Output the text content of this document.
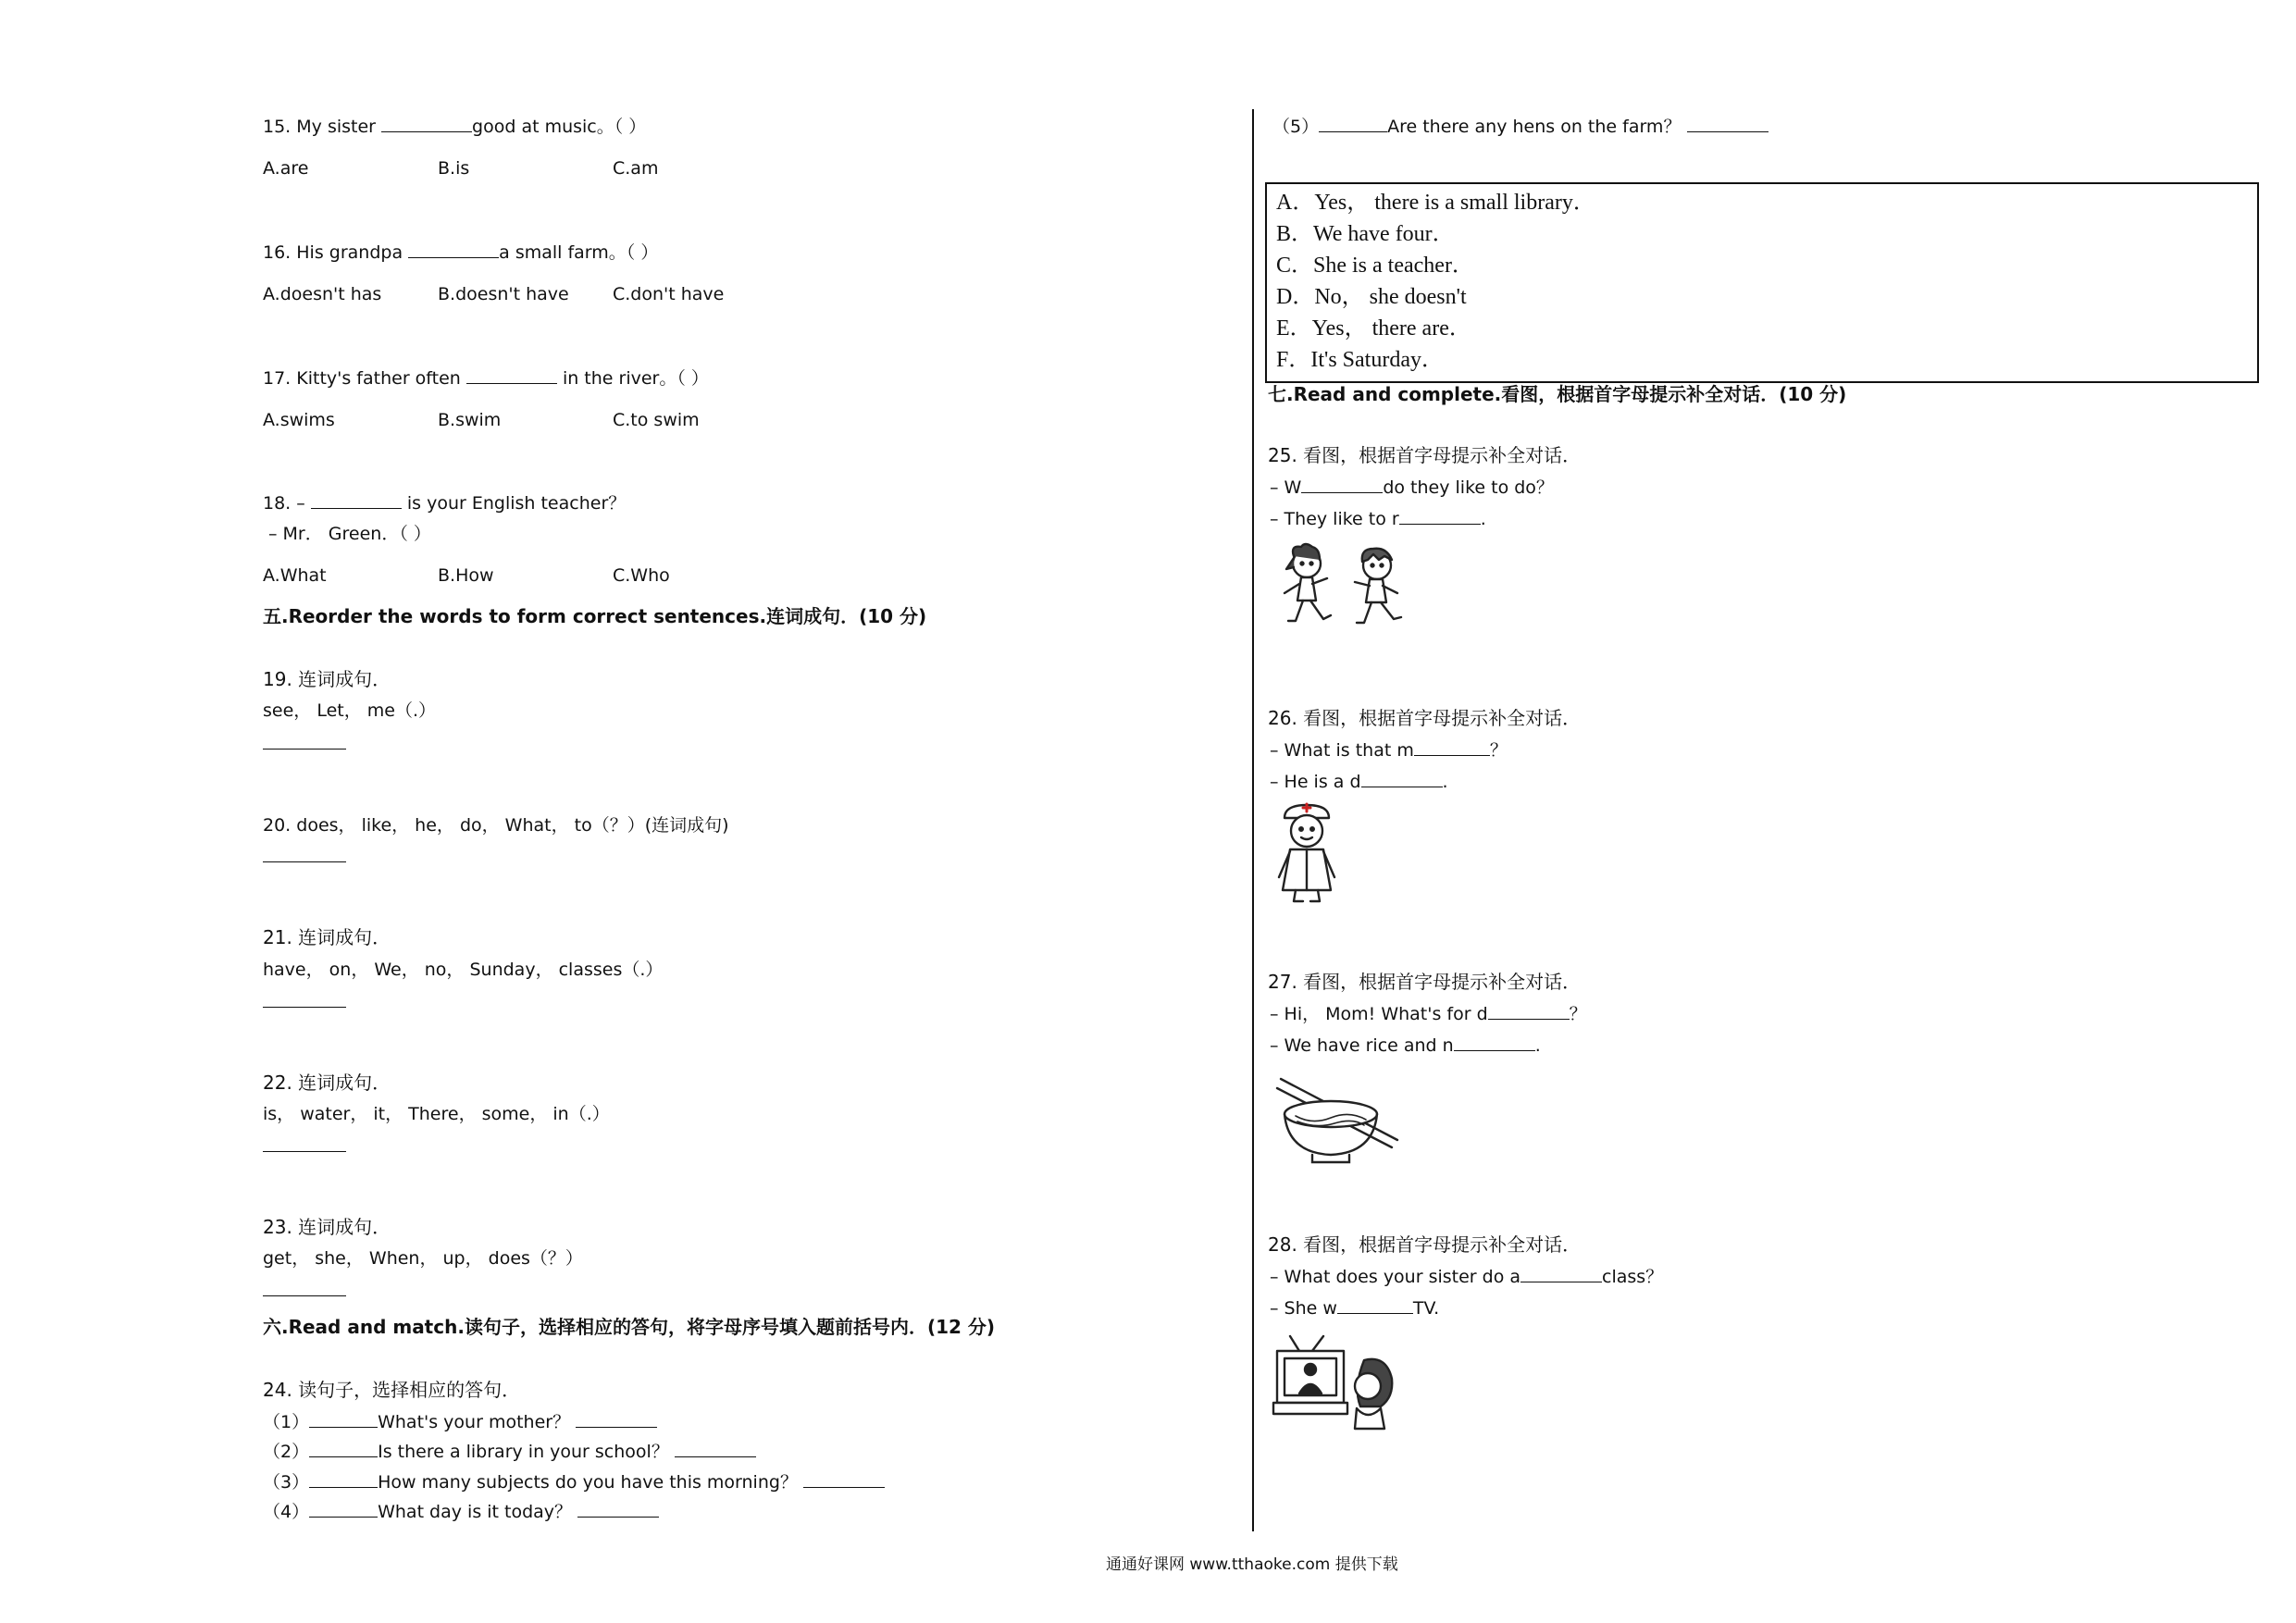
15. My sister	good at music。（ ）
A.are	B.is	C.am
16. His grandpa	a small farm。（ ）
A.doesn't has	B.doesn't have C.don't have
17. Kitty's father often	in the river。（ ）
A.swims	B.swim	C.to swim
18. –	is your English teacher？
– Mr． Green．（ ）
A.What	B.How	C.Who
五.Reorder the words to form correct sentences.连词成句．(10 分)
19. 连词成句．
see， Let， me（.）
20. does， like， he， do， What， to（？）(连词成句)
21. 连词成句．
have， on， We， no， Sunday， classes（.）
22. 连词成句．
is， water， it， There， some， in（.）
23. 连词成句．
get， she， When， up， does（？）
六.Read and match.读句子，选择相应的答句，将字母序号填入题前括号内．(12 分)
24. 读句子，选择相应的答句．
（1）	What's your mother？
（2）	Is there a library in your school？
（3）	How many subjects do you have this morning？
（4）	What day is it today？
（5）	Are there any hens on the farm？
A．Yes， there is a small library．
B．We have four．
C．She is a teacher．
D．No， she doesn't
E．Yes， there are．
F．It's Saturday．
七.Read and complete.看图，根据首字母提示补全对话．(10 分)
25. 看图，根据首字母提示补全对话．
– W	do they like to do？
– They like to r	.
26. 看图，根据首字母提示补全对话．
– What is that m	？
– He is a d	.
27. 看图，根据首字母提示补全对话．
– Hi， Mom! What's for d	？
– We have rice and n	.
28. 看图，根据首字母提示补全对话．
– What does your sister do a	class？
– She w	TV.
通通好课网 www.tthaoke.com 提供下载
